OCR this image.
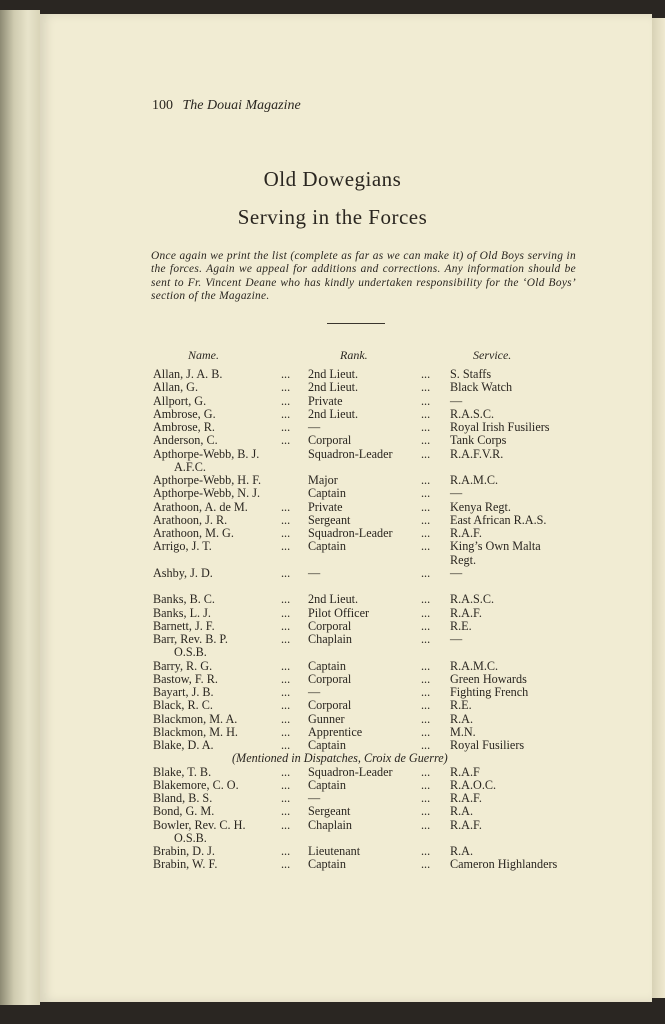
100 The Douai Magazine
Old Dowegians
Serving in the Forces
Once again we print the list (complete as far as we can make it) of Old Boys serving in the forces. Again we appeal for additions and corrections. Any information should be sent to Fr. Vincent Deane who has kindly undertaken responsibility for the ‘Old Boys’ section of the Magazine.
Name.	Rank.	Service.
Allan, J. A. B.	... 2nd Lieut.	... S. Staffs
Allan, G.	... 2nd Lieut.	... Black Watch
Allport, G.	... Private	... —
Ambrose, G.	... 2nd Lieut.	... R.A.S.C.
Ambrose, R.	... —	... Royal Irish Fusiliers
Anderson, C.	... Corporal	... Tank Corps
Apthorpe-Webb, B. J.	Squadron-Leader ... R.A.F.V.R.
A.F.C.
Apthorpe-Webb, H. F.	Major	... R.A.M.C.
Apthorpe-Webb, N. J.	Captain	... —
Arathoon, A. de M.	... Private	... Kenya Regt.
Arathoon, J. R.	... Sergeant	... East African R.A.S.
Arathoon, M. G.	... Squadron-Leader ... R.A.F.
Arrigo, J. T.	... Captain	... King’s Own Malta
Regt.
Ashby, J. D.	... —	... —
Banks, B. C.	... 2nd Lieut.	... R.A.S.C.
Banks, L. J.	... Pilot Officer	... R.A.F.
Barnett, J. F.	... Corporal	... R.E.
Barr, Rev. B. P.	... Chaplain	... —
O.S.B.
Barry, R. G.	... Captain	... R.A.M.C.
Bastow, F. R.	... Corporal	... Green Howards
Bayart, J. B.	... —	... Fighting French
Black, R. C.	... Corporal	... R.E.
Blackmon, M. A.	... Gunner	... R.A.
Blackmon, M. H.	... Apprentice	... M.N.
Blake, D. A.	... Captain	... Royal Fusiliers
(Mentioned in Dispatches, Croix de Guerre)
Blake, T. B.	... Squadron-Leader ... R.A.F
Blakemore, C. O.	... Captain	... R.A.O.C.
Bland, B. S.	... —	... R.A.F.
Bond, G. M.	... Sergeant	... R.A.
Bowler, Rev. C. H.	... Chaplain	... R.A.F.
O.S.B.
Brabin, D. J.	... Lieutenant	... R.A.
Brabin, W. F.	... Captain	... Cameron Highlanders
